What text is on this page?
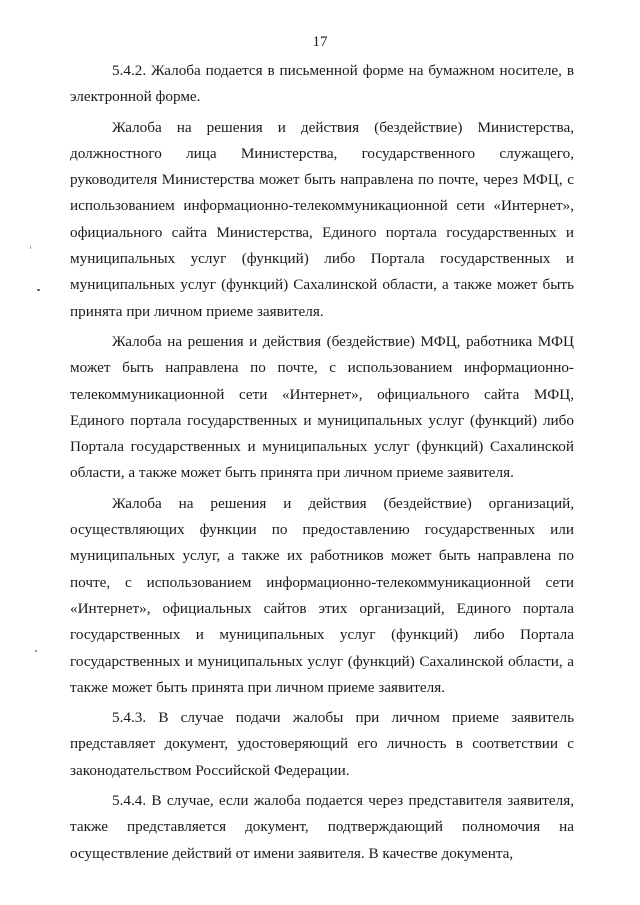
17

5.4.2. Жалоба подается в письменной форме на бумажном носителе, в электронной форме.

Жалоба на решения и действия (бездействие) Министерства, должностного лица Министерства, государственного служащего, руководителя Министерства может быть направлена по почте, через МФЦ, с использованием информационно-телекоммуникационной сети «Интернет», официального сайта Министерства, Единого портала государственных и муниципальных услуг (функций) либо Портала государственных и муниципальных услуг (функций) Сахалинской области, а также может быть принята при личном приеме заявителя.

Жалоба на решения и действия (бездействие) МФЦ, работника МФЦ может быть направлена по почте, с использованием информационно-телекоммуникационной сети «Интернет», официального сайта МФЦ, Единого портала государственных и муниципальных услуг (функций) либо Портала государственных и муниципальных услуг (функций) Сахалинской области, а также может быть принята при личном приеме заявителя.

Жалоба на решения и действия (бездействие) организаций, осуществляющих функции по предоставлению государственных или муниципальных услуг, а также их работников может быть направлена по почте, с использованием информационно-телекоммуникационной сети «Интернет», официальных сайтов этих организаций, Единого портала государственных и муниципальных услуг (функций) либо Портала государственных и муниципальных услуг (функций) Сахалинской области, а также может быть принята при личном приеме заявителя.

5.4.3. В случае подачи жалобы при личном приеме заявитель представляет документ, удостоверяющий его личность в соответствии с законодательством Российской Федерации.

5.4.4. В случае, если жалоба подается через представителя заявителя, также представляется документ, подтверждающий полномочия на осуществление действий от имени заявителя. В качестве документа,
